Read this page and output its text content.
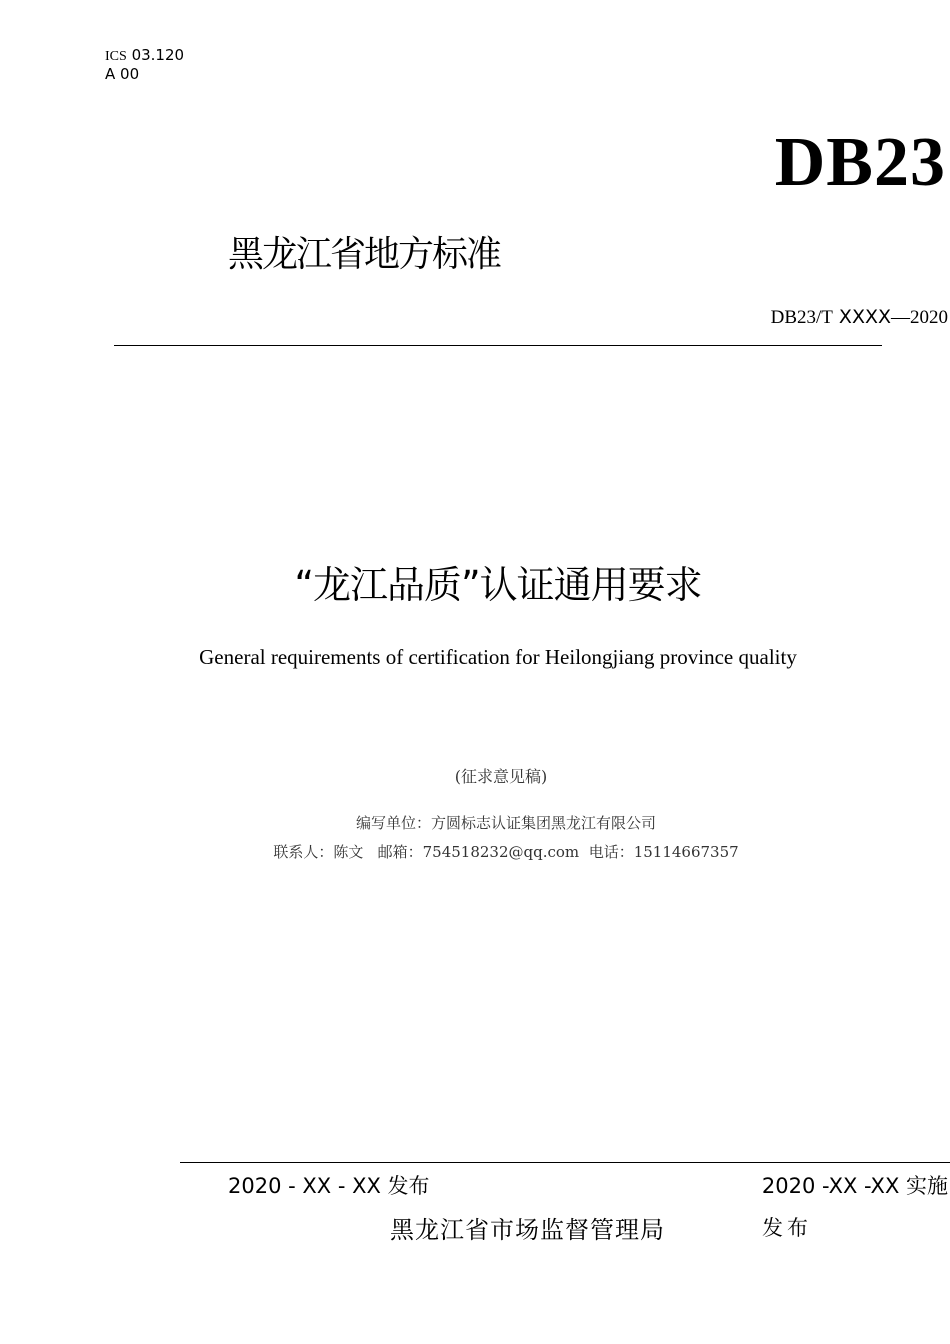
ICS 03.120
A 00
DB23
黑龙江省地方标准
DB23/T XXXX—2020
“龙江品质”认证通用要求
General requirements of certification for Heilongjiang province quality
(征求意见稿)
编写单位：方圆标志认证集团黑龙江有限公司
联系人：陈文   邮箱：754518232@qq.com  电话：15114667357
2020 - XX - XX 发布	2020 -XX -XX 实施
黑龙江省市场监督管理局	发布
